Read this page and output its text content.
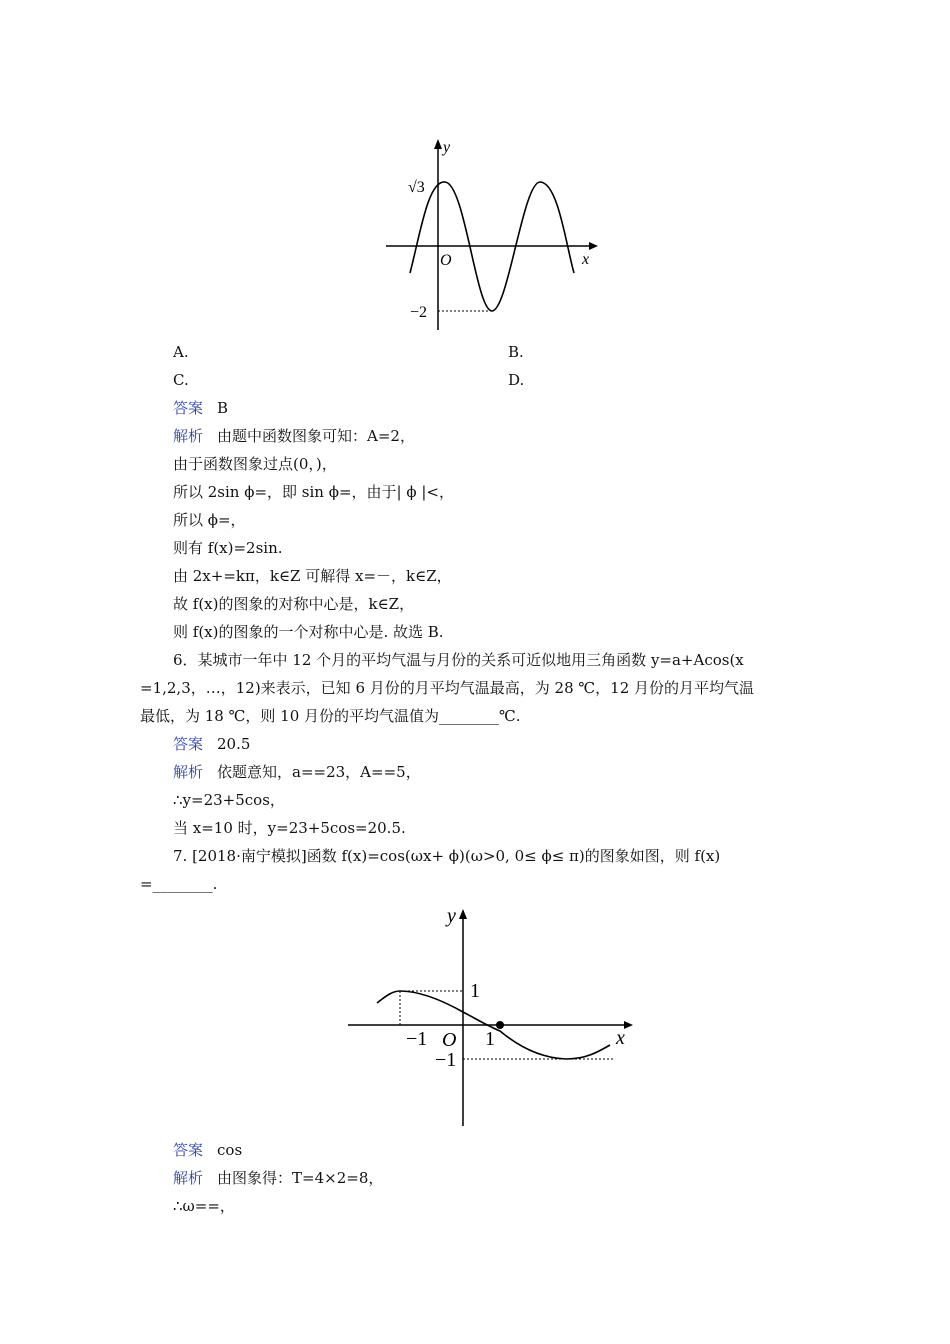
y
x
O
√3
−2
A.	B.
C.	D.
答案 B
解析 由题中函数图象可知：A=2，
由于函数图象过点(0，)，
所以 2sin ϕ=，即 sin ϕ=，由于| ϕ |<，
所以 ϕ=，
则有 f(x)=2sin.
由 2x+=kπ，k∈Z 可解得 x=－，k∈Z，
故 f(x)的图象的对称中心是，k∈Z，
则 f(x)的图象的一个对称中心是. 故选 B.
6．某城市一年中 12 个月的平均气温与月份的关系可近似地用三角函数 y=a+Acos(x
=1,2,3，…，12)来表示，已知 6 月份的月平均气温最高，为 28 ℃，12 月份的月平均气温
最低，为 18 ℃，则 10 月份的平均气温值为________℃.
答案 20.5
解析 依题意知，a==23，A==5，
∴y=23+5cos，
当 x=10 时，y=23+5cos=20.5.
7. [2018·南宁模拟]函数 f(x)=cos(ωx+ ϕ)(ω>0, 0≤ ϕ≤ π)的图象如图，则 f(x)
=________.
y
x
O
1
−1	1
−1
答案 cos
解析 由图象得：T=4×2=8，
∴ω==，
